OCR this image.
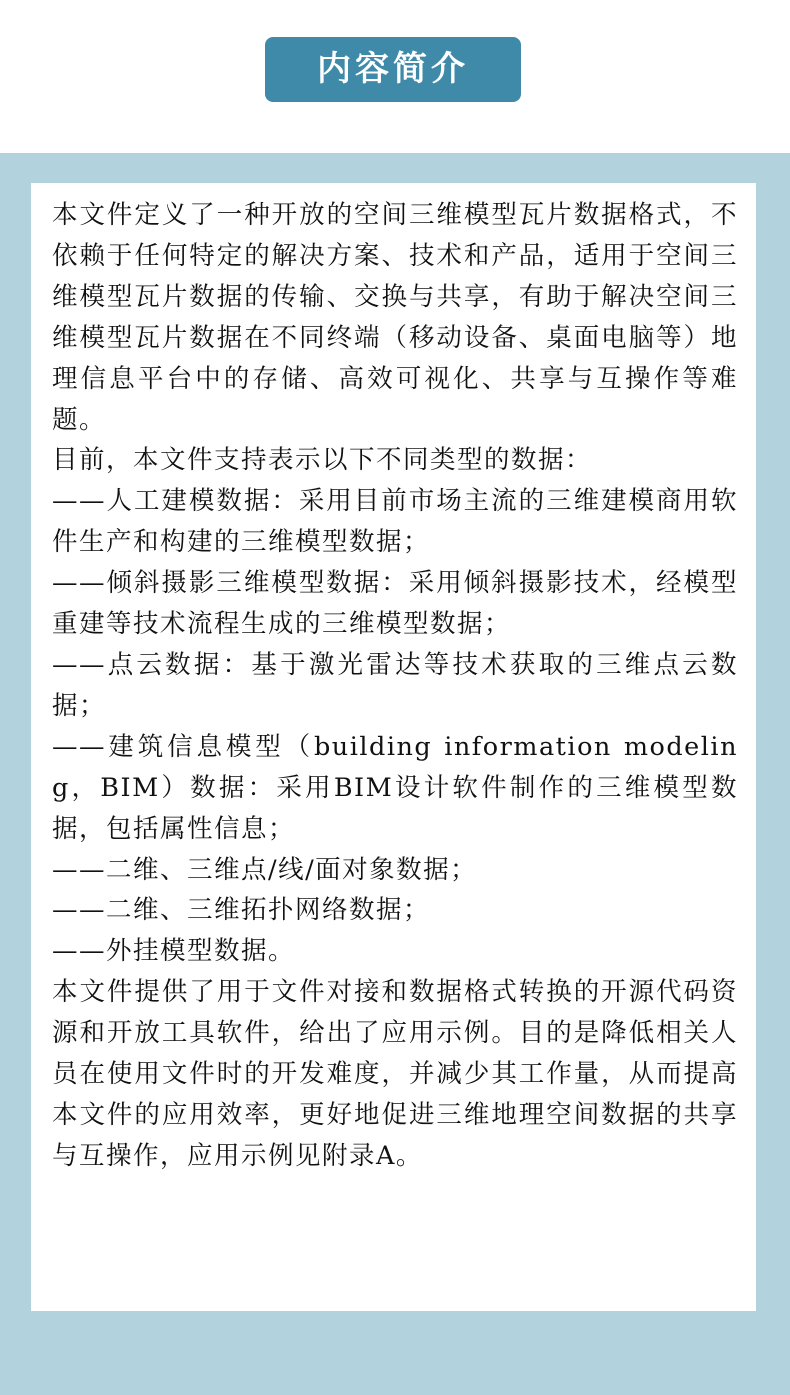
内容简介

本文件定义了一种开放的空间三维模型瓦片数据格式，不依赖于任何特定的解决方案、技术和产品，适用于空间三维模型瓦片数据的传输、交换与共享，有助于解决空间三维模型瓦片数据在不同终端（移动设备、桌面电脑等）地理信息平台中的存储、高效可视化、共享与互操作等难题。

目前，本文件支持表示以下不同类型的数据：

——人工建模数据：采用目前市场主流的三维建模商用软件生产和构建的三维模型数据；

——倾斜摄影三维模型数据：采用倾斜摄影技术，经模型重建等技术流程生成的三维模型数据；

——点云数据：基于激光雷达等技术获取的三维点云数据；

——建筑信息模型（building information modeling，BIM）数据：采用BIM设计软件制作的三维模型数据，包括属性信息；

——二维、三维点/线/面对象数据；

——二维、三维拓扑网络数据；

——外挂模型数据。

本文件提供了用于文件对接和数据格式转换的开源代码资源和开放工具软件，给出了应用示例。目的是降低相关人员在使用文件时的开发难度，并减少其工作量，从而提高本文件的应用效率，更好地促进三维地理空间数据的共享与互操作，应用示例见附录A。
